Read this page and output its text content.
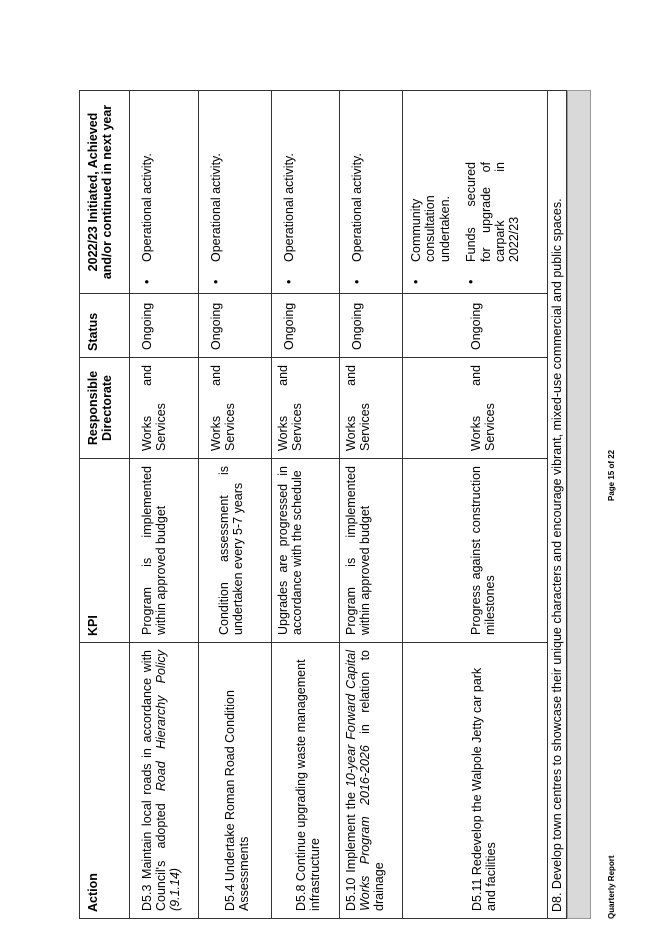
Action
KPI
Responsible Directorate
Status
2022/23 Initiated, Achieved and/or continued in next year
D5.3 Maintain local roads in accordance with Council's adopted Road Hierarchy Policy (9.1.14)
Program is implemented within approved budget
Works and Services
Ongoing
•
Operational activity.
D5.4 Undertake Roman Road Condition Assessments
Condition assessment is undertaken every 5-7 years
Works and Services
Ongoing
•
Operational activity.
D5.8 Continue upgrading waste management infrastructure
Upgrades are progressed in accordance with the schedule
Works and Services
Ongoing
•
Operational activity.
D5.10 Implement the 10-year Forward Capital Works Program 2016-2026 in relation to drainage
Program is implemented within approved budget
Works and Services
Ongoing
•
Operational activity.
D5.11 Redevelop the Walpole Jetty car park and facilities
Progress against construction milestones
Works and Services
Ongoing
•
Community consultation undertaken.
•
Funds secured for upgrade of carpark in 2022/23 D8. Develop town centres to showcase their unique characters and encourage vibrant, mixed-use commercial and public spaces.	Quarterly Report
Page 15 of 22
